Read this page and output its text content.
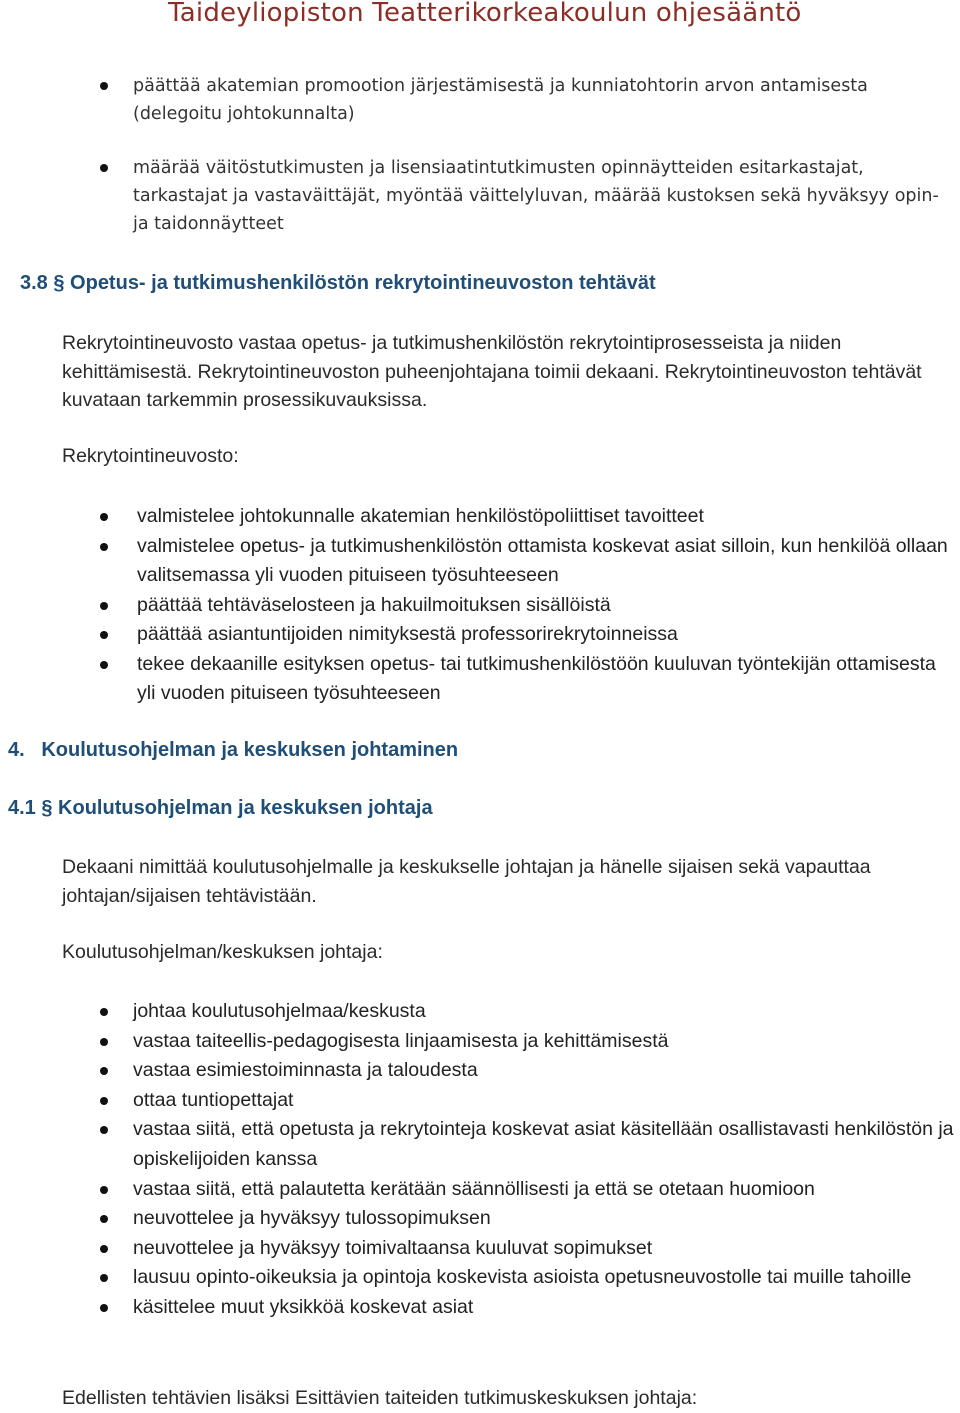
Taideyliopiston Teatterikorkeakoulun ohjesääntö
päättää akatemian promootion järjestämisestä ja kunniatohtorin arvon antamisesta (delegoitu johtokunnalta)
määrää väitöstutkimusten ja lisensiaatintutkimusten opinnäytteiden esitarkastajat, tarkastajat ja vastaväittäjät, myöntää väittelyluvan, määrää kustoksen sekä hyväksyy opin- ja taidonnäytteet
3.8 § Opetus- ja tutkimushenkilöstön rekrytointineuvoston tehtävät

Rekrytointineuvosto vastaa opetus- ja tutkimushenkilöstön rekrytointiprosesseista ja niiden kehittämisestä. Rekrytointineuvoston puheenjohtajana toimii dekaani. Rekrytointineuvoston tehtävät kuvataan tarkemmin prosessikuvauksissa.

Rekrytointineuvosto:

valmistelee johtokunnalle akatemian henkilöstöpoliittiset tavoitteet
valmistelee opetus- ja tutkimushenkilöstön ottamista koskevat asiat silloin, kun henkilöä ollaan valitsemassa yli vuoden pituiseen työsuhteeseen
päättää tehtäväselosteen ja hakuilmoituksen sisällöistä
päättää asiantuntijoiden nimityksestä professorirekrytoinneissa
tekee dekaanille esityksen opetus- tai tutkimushenkilöstöön kuuluvan työntekijän ottamisesta yli vuoden pituiseen työsuhteeseen
4.   Koulutusohjelman ja keskuksen johtaminen
4.1 § Koulutusohjelman ja keskuksen johtaja

Dekaani nimittää koulutusohjelmalle ja keskukselle johtajan ja hänelle sijaisen sekä vapauttaa johtajan/sijaisen tehtävistään.

Koulutusohjelman/keskuksen johtaja:

johtaa koulutusohjelmaa/keskusta
vastaa taiteellis-pedagogisesta linjaamisesta ja kehittämisestä
vastaa esimiestoiminnasta ja taloudesta
ottaa tuntiopettajat
vastaa siitä, että opetusta ja rekrytointeja koskevat asiat käsitellään osallistavasti henkilöstön ja opiskelijoiden kanssa
vastaa siitä, että palautetta kerätään säännöllisesti ja että se otetaan huomioon
neuvottelee ja hyväksyy tulossopimuksen
neuvottelee ja hyväksyy toimivaltaansa kuuluvat sopimukset
lausuu opinto-oikeuksia ja opintoja koskevista asioista opetusneuvostolle tai muille tahoille
käsittelee muut yksikköä koskevat asiat

Edellisten tehtävien lisäksi Esittävien taiteiden tutkimuskeskuksen johtaja:
